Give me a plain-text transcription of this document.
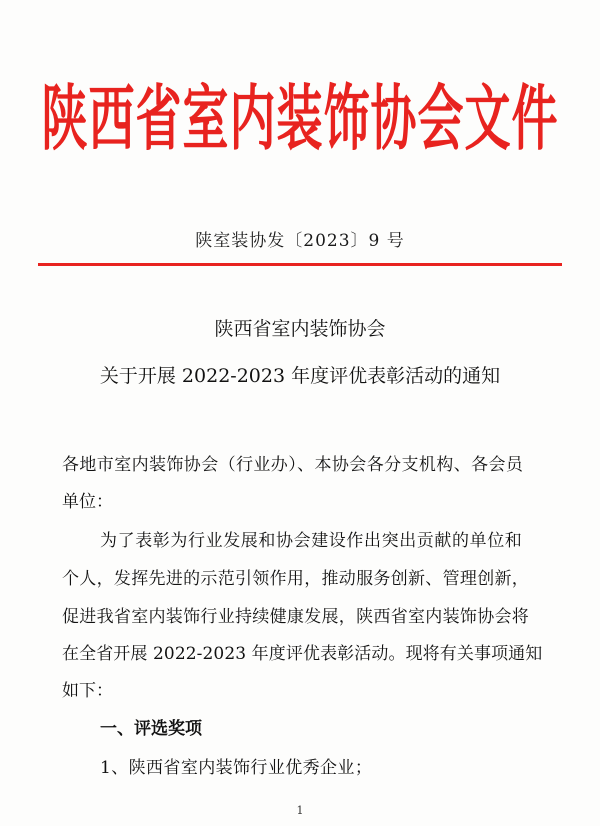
陕西省室内装饰协会文件
陕室装协发〔2023〕9 号
陕西省室内装饰协会
关于开展 2022-2023 年度评优表彰活动的通知
各地市室内装饰协会（行业办）、本协会各分支机构、各会员
单位：
为了表彰为行业发展和协会建设作出突出贡献的单位和
个人，发挥先进的示范引领作用，推动服务创新、管理创新，
促进我省室内装饰行业持续健康发展，陕西省室内装饰协会将
在全省开展 2022-2023 年度评优表彰活动。现将有关事项通知
如下：
一、评选奖项
1、陕西省室内装饰行业优秀企业；
1
